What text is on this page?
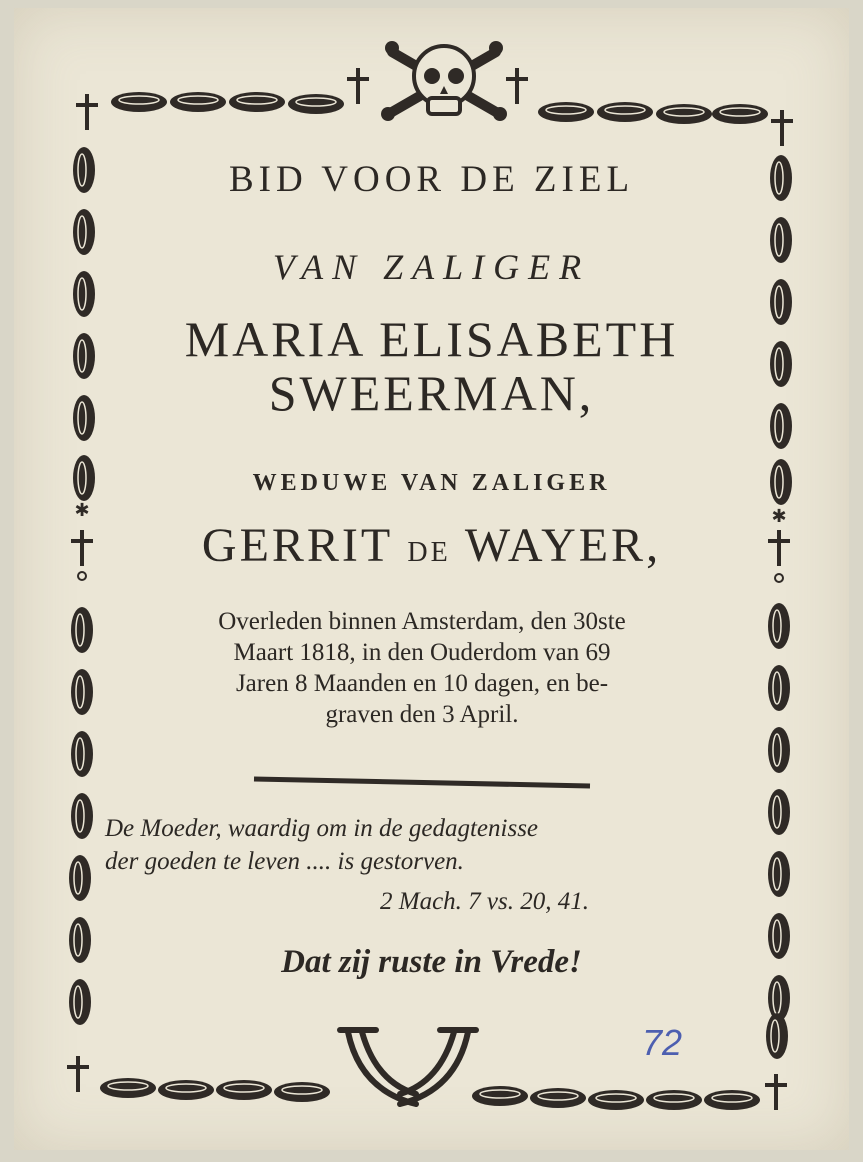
✱	✱
BID VOOR DE ZIEL
VAN ZALIGER
MARIA ELISABETH
SWEERMAN,
WEDUWE VAN ZALIGER
GERRIT DE WAYER,
Overleden binnen Amsterdam, den 30ste
Maart 1818, in den Ouderdom van 69
Jaren 8 Maanden en 10 dagen, en be-
graven den 3 April.
De Moeder, waardig om in de gedagtenisse
der goeden te leven .... is gestorven.
2 Mach. 7 vs. 20, 41.
Dat zij ruste in Vrede!
72
